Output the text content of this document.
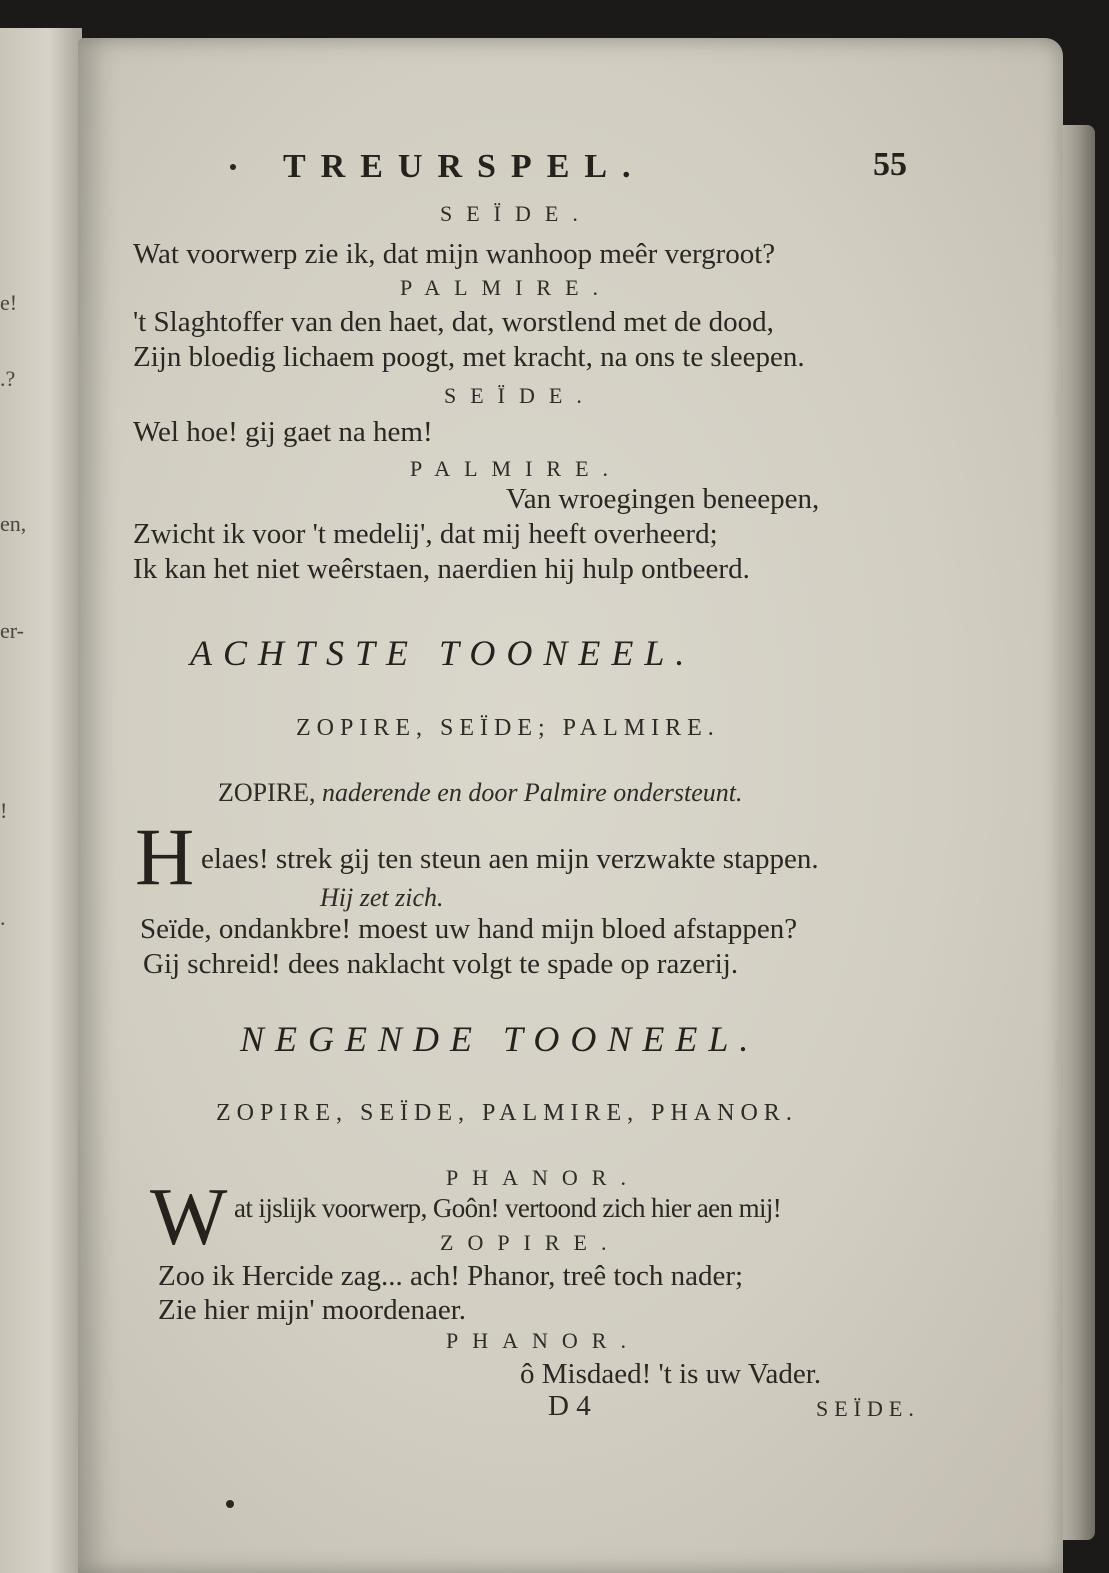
e!
.?
en,
er-
!
.
TREURSPEL.	55
SEÏDE.
Wat voorwerp zie ik, dat mijn wanhoop meêr vergroot?
PALMIRE.
't Slaghtoffer van den haet, dat, worstlend met de dood,
Zijn bloedig lichaem poogt, met kracht, na ons te sleepen.
SEÏDE.
Wel hoe! gij gaet na hem!
PALMIRE.
Van wroegingen beneepen,
Zwicht ik voor 't medelij', dat mij heeft overheerd;
Ik kan het niet weêrstaen, naerdien hij hulp ontbeerd.
ACHTSTE TOONEEL.
ZOPIRE, SEÏDE; PALMIRE.
ZOPIRE, naderende en door Palmire ondersteunt.
H elaes! strek gij ten steun aen mijn verzwakte stappen.
Hij zet zich.
Seïde, ondankbre! moest uw hand mijn bloed afstappen?
Gij schreid! dees naklacht volgt te spade op razerij.
NEGENDE TOONEEL.
ZOPIRE, SEÏDE, PALMIRE, PHANOR.
PHANOR.
W at ijslijk voorwerp, Goôn! vertoond zich hier aen mij!
ZOPIRE.
Zoo ik Hercide zag... ach! Phanor, treê toch nader;
Zie hier mijn' moordenaer.
PHANOR.
ô Misdaed! 't is uw Vader.
D 4	SEÏDE.
